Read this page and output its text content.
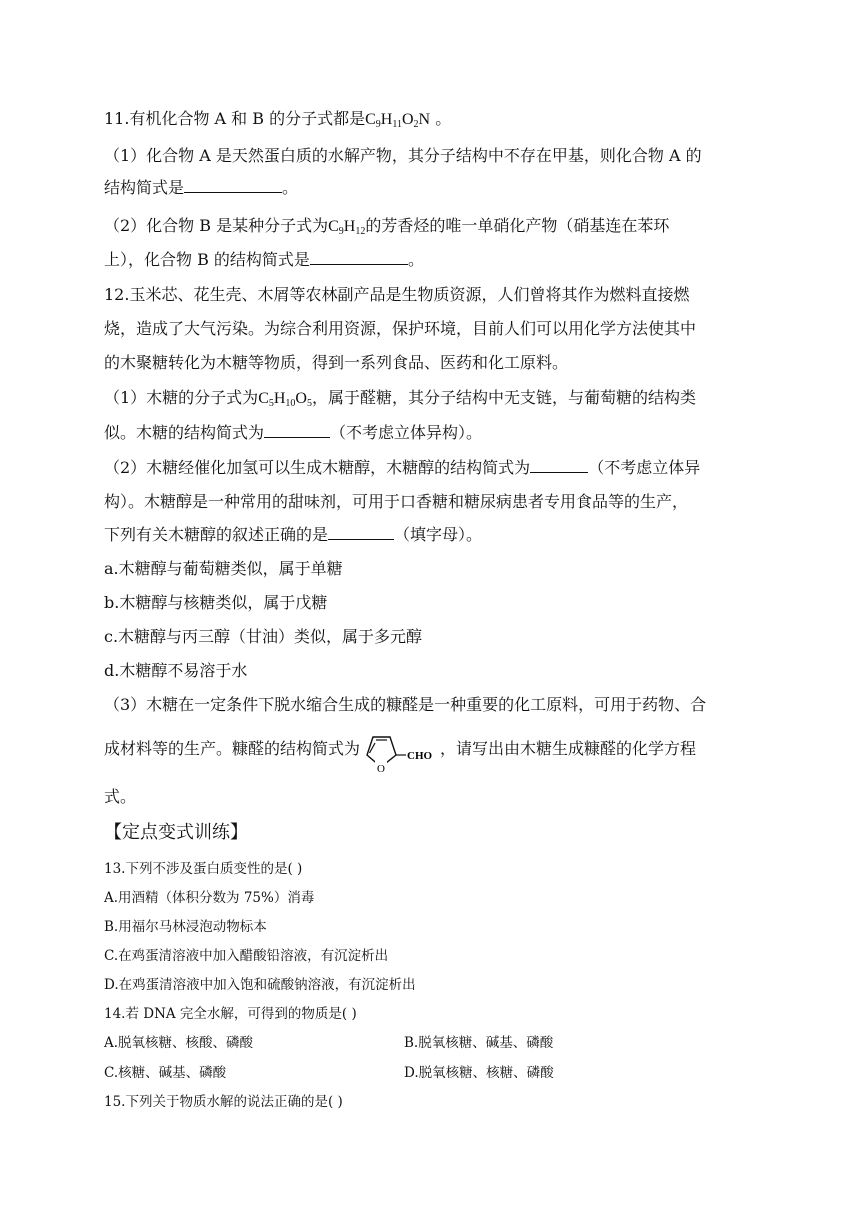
11.有机化合物 A 和 B 的分子式都是$C_9H_{11}O_2N$ 。
（1）化合物 A 是天然蛋白质的水解产物，其分子结构中不存在甲基，则化合物 A 的
结构简式是	。
（2）化合物 B 是某种分子式为$C_9H_{12}$的芳香烃的唯一单硝化产物（硝基连在苯环
上），化合物 B 的结构简式是	。
12.玉米芯、花生壳、木屑等农林副产品是生物质资源，人们曾将其作为燃料直接燃
烧，造成了大气污染。为综合利用资源，保护环境，目前人们可以用化学方法使其中
的木聚糖转化为木糖等物质，得到一系列食品、医药和化工原料。
（1）木糖的分子式为$C_5H_{10}O_5$，属于醛糖，其分子结构中无支链，与葡萄糖的结构类
似。木糖的结构简式为	（不考虑立体异构）。
（2）木糖经催化加氢可以生成木糖醇，木糖醇的结构简式为	（不考虑立体异
构）。木糖醇是一种常用的甜味剂，可用于口香糖和糖尿病患者专用食品等的生产，
下列有关木糖醇的叙述正确的是	（填字母）。
a.木糖醇与葡萄糖类似，属于单糖
b.木糖醇与核糖类似，属于戊糖
c.木糖醇与丙三醇（甘油）类似，属于多元醇
d.木糖醇不易溶于水
（3）木糖在一定条件下脱水缩合生成的糠醛是一种重要的化工原料，可用于药物、合
成材料等的生产。糠醛的结构简式为
O
CHO ，请写出由木糖生成糠醛的化学方程
式。
【定点变式训练】
13.下列不涉及蛋白质变性的是( )
A.用酒精（体积分数为 75%）消毒
B.用福尔马林浸泡动物标本
C.在鸡蛋清溶液中加入醋酸铅溶液，有沉淀析出
D.在鸡蛋清溶液中加入饱和硫酸钠溶液，有沉淀析出
14.若 DNA 完全水解，可得到的物质是( )
A.脱氧核糖、核酸、磷酸	B.脱氧核糖、碱基、磷酸
C.核糖、碱基、磷酸	D.脱氧核糖、核糖、磷酸
15.下列关于物质水解的说法正确的是( )
